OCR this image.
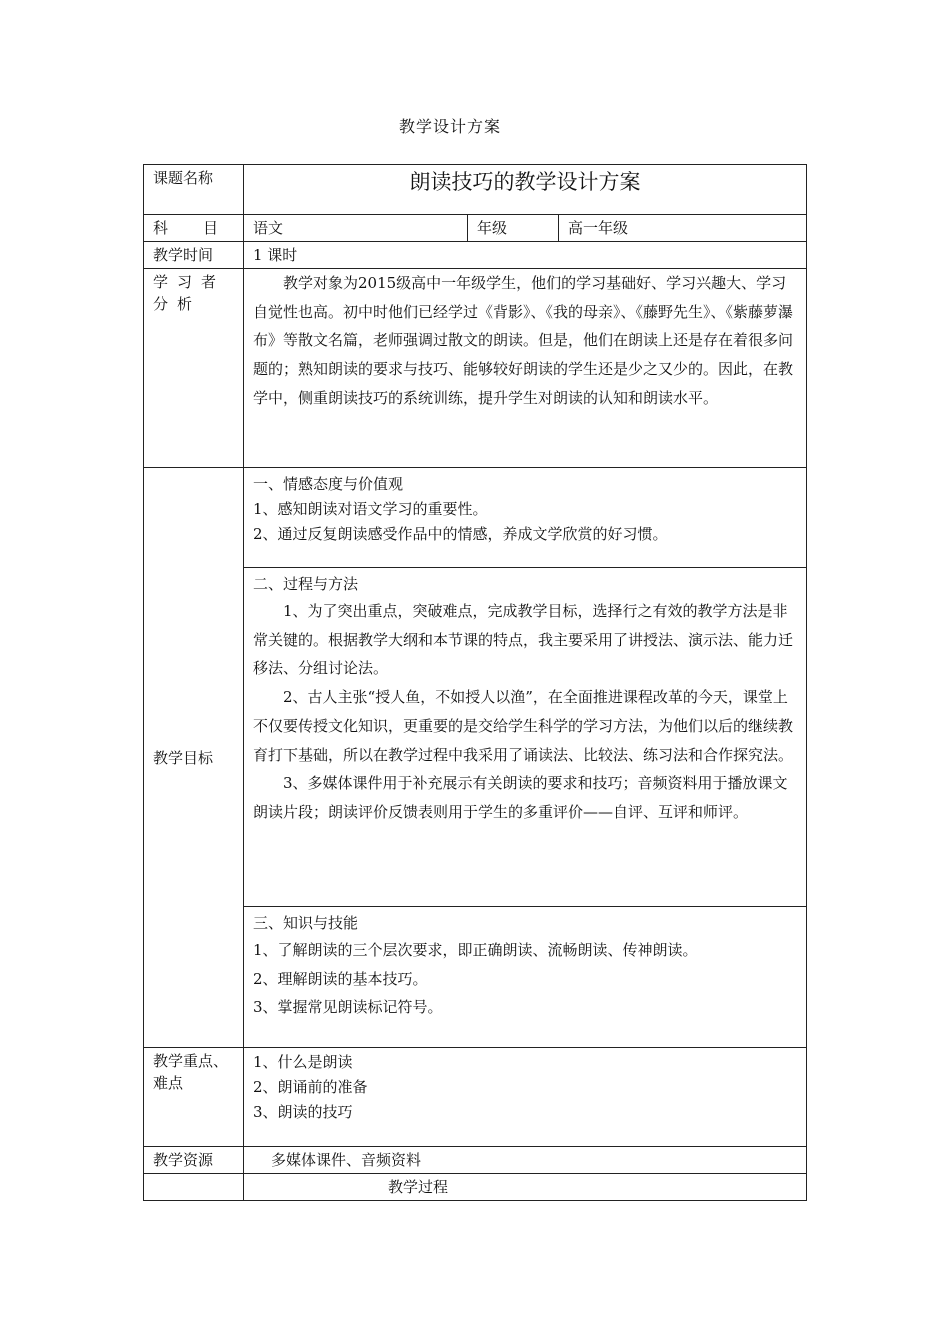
教学设计方案
课题名称	朗读技巧的教学设计方案		
科　目	语文	年级	高一年级
教学时间	1 课时		
学习者分析	教学对象为2015级高中一年级学生，他们的学习基础好、学习兴趣大、学习自觉性也高。初中时他们已经学过《背影》、《我的母亲》、《藤野先生》、《紫藤萝瀑布》等散文名篇，老师强调过散文的朗读。但是，他们在朗读上还是存在着很多问题的；熟知朗读的要求与技巧、能够较好朗读的学生还是少之又少的。因此，在教学中，侧重朗读技巧的系统训练，提升学生对朗读的认知和朗读水平。		

教学目标	一、情感态度与价值观

1、感知朗读对语文学习的重要性。

2、通过反复朗读感受作品中的情感，养成文学欣赏的好习惯。		

	二、过程与方法

1、为了突出重点，突破难点，完成教学目标，选择行之有效的教学方法是非常关键的。根据教学大纲和本节课的特点，我主要采用了讲授法、演示法、能力迁移法、分组讨论法。

2、古人主张“授人鱼，不如授人以渔”，在全面推进课程改革的今天，课堂上不仅要传授文化知识，更重要的是交给学生科学的学习方法，为他们以后的继续教育打下基础，所以在教学过程中我采用了诵读法、比较法、练习法和合作探究法。

3、多媒体课件用于补充展示有关朗读的要求和技巧；音频资料用于播放课文朗读片段；朗读评价反馈表则用于学生的多重评价——自评、互评和师评。		

	三、知识与技能

1、了解朗读的三个层次要求，即正确朗读、流畅朗读、传神朗读。

2、理解朗读的基本技巧。

3、掌握常见朗读标记符号。		

教学重点、难点	1、什么是朗读

2、朗诵前的准备

3、朗读的技巧		

教学资源	多媒体课件、音频资料		
	教学过程		
